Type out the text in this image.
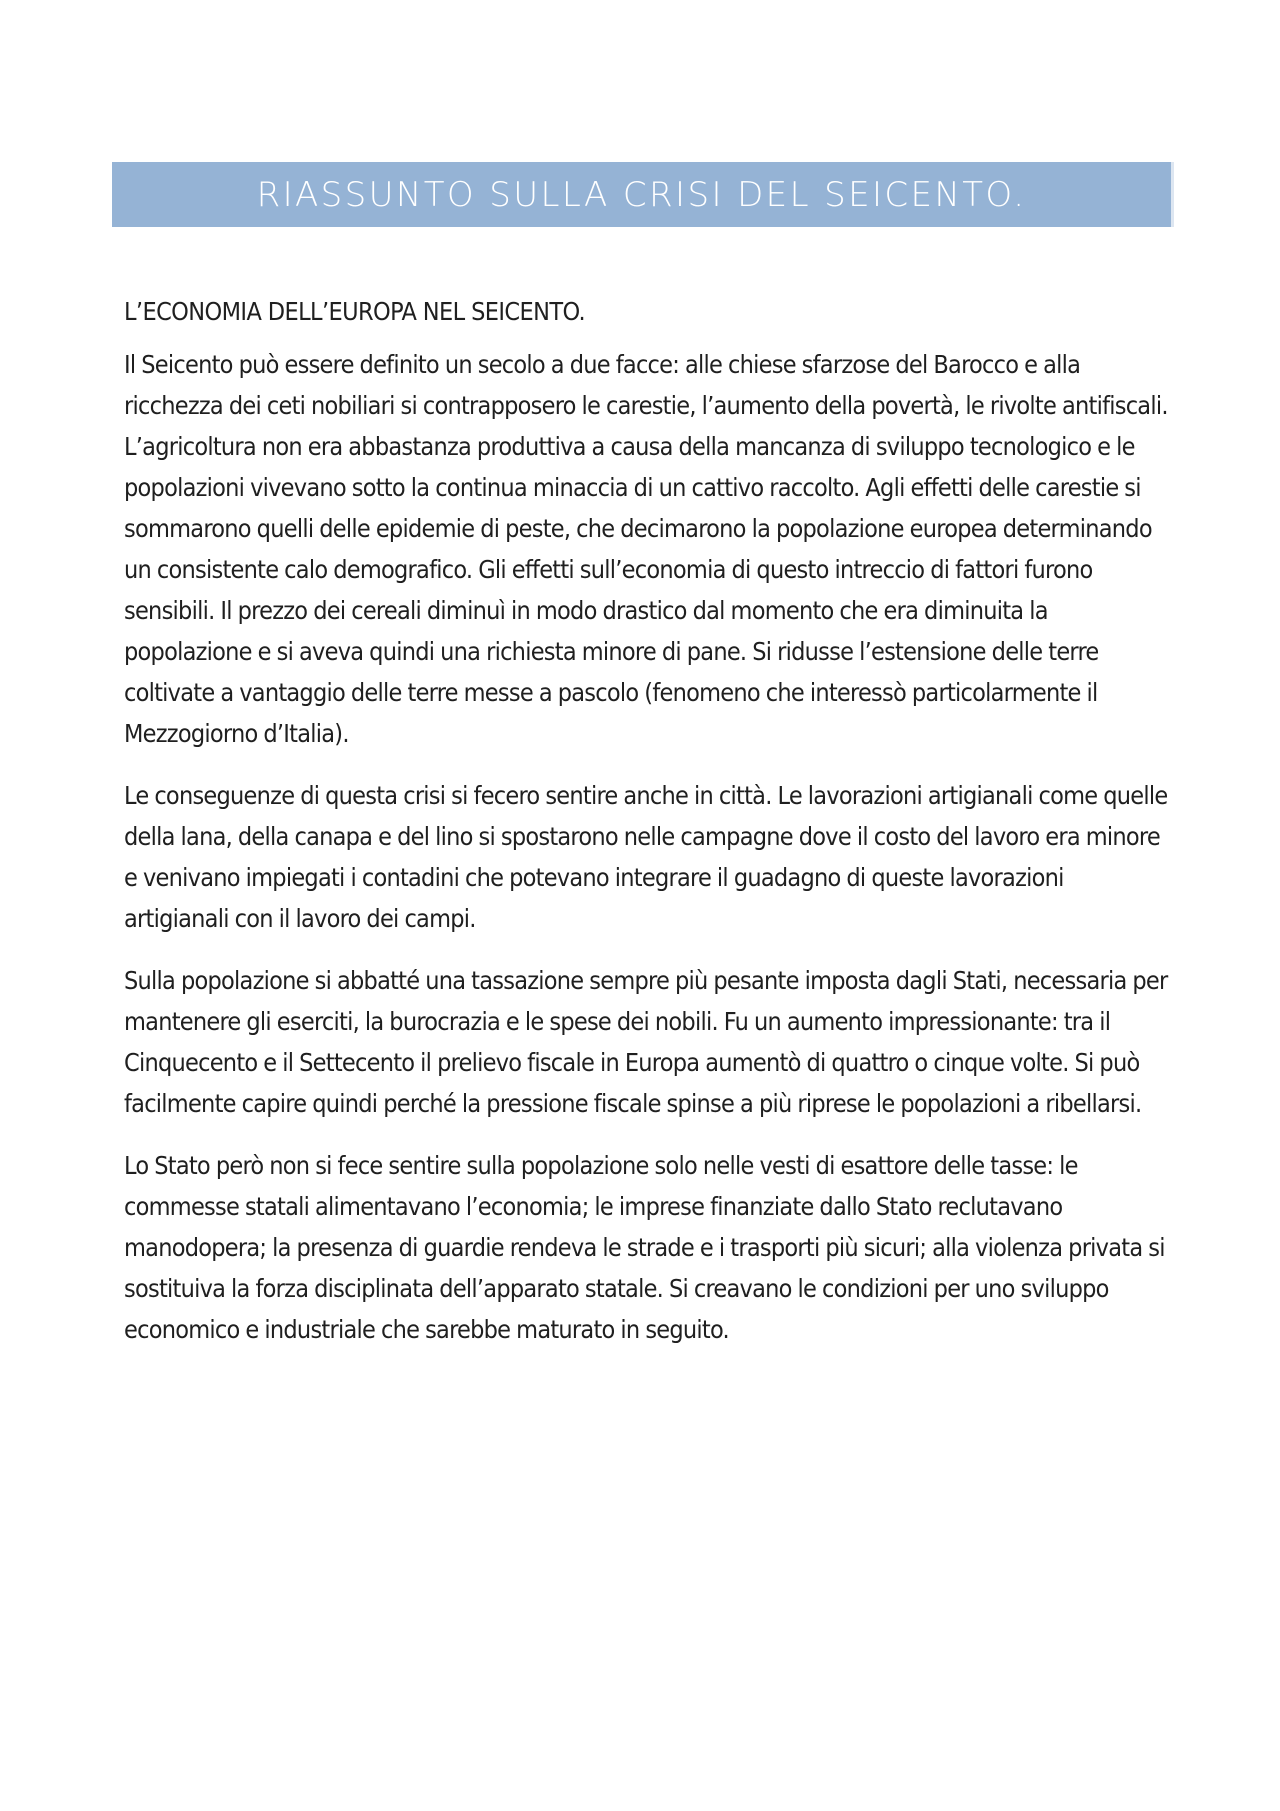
RIASSUNTO SULLA CRISI DEL SEICENTO.

L’ECONOMIA DELL’EUROPA NEL SEICENTO.

Il Seicento può essere definito un secolo a due facce: alle chiese sfarzose del Barocco e alla ricchezza dei ceti nobiliari si contrapposero le carestie, l’aumento della povertà, le rivolte antifiscali. L’agricoltura non era abbastanza produttiva a causa della mancanza di sviluppo tecnologico e le popolazioni vivevano sotto la continua minaccia di un cattivo raccolto. Agli effetti delle carestie si sommarono quelli delle epidemie di peste, che decimarono la popolazione europea determinando un consistente calo demografico. Gli effetti sull’economia di questo intreccio di fattori furono sensibili. Il prezzo dei cereali diminuì in modo drastico dal momento che era diminuita la popolazione e si aveva quindi una richiesta minore di pane. Si ridusse l’estensione delle terre coltivate a vantaggio delle terre messe a pascolo (fenomeno che interessò particolarmente il Mezzogiorno d’Italia).

Le conseguenze di questa crisi si fecero sentire anche in città. Le lavorazioni artigianali come quelle della lana, della canapa e del lino si spostarono nelle campagne dove il costo del lavoro era minore e venivano impiegati i contadini che potevano integrare il guadagno di queste lavorazioni artigianali con il lavoro dei campi.

Sulla popolazione si abbatté una tassazione sempre più pesante imposta dagli Stati, necessaria per mantenere gli eserciti, la burocrazia e le spese dei nobili. Fu un aumento impressionante: tra il Cinquecento e il Settecento il prelievo fiscale in Europa aumentò di quattro o cinque volte. Si può facilmente capire quindi perché la pressione fiscale spinse a più riprese le popolazioni a ribellarsi.

Lo Stato però non si fece sentire sulla popolazione solo nelle vesti di esattore delle tasse: le commesse statali alimentavano l’economia; le imprese finanziate dallo Stato reclutavano manodopera; la presenza di guardie rendeva le strade e i trasporti più sicuri; alla violenza privata si sostituiva la forza disciplinata dell’apparato statale. Si creavano le condizioni per uno sviluppo economico e industriale che sarebbe maturato in seguito.
